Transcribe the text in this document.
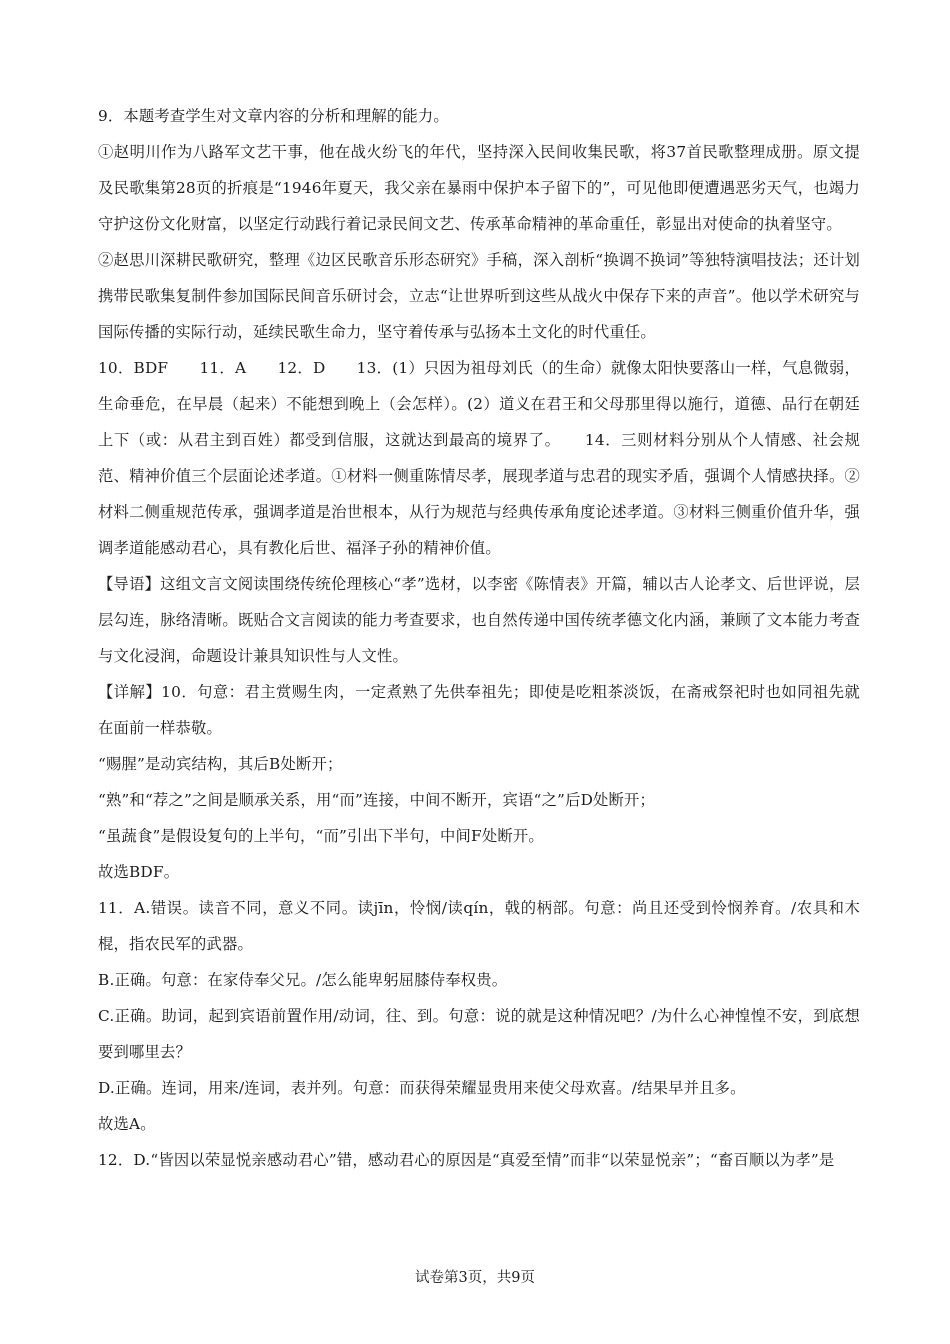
9．本题考查学生对文章内容的分析和理解的能力。

①赵明川作为八路军文艺干事，他在战火纷飞的年代，坚持深入民间收集民歌，将37首民歌整理成册。原文提及民歌集第28页的折痕是“1946年夏天，我父亲在暴雨中保护本子留下的”，可见他即便遭遇恶劣天气，也竭力守护这份文化财富，以坚定行动践行着记录民间文艺、传承革命精神的革命重任，彰显出对使命的执着坚守。

②赵思川深耕民歌研究，整理《边区民歌音乐形态研究》手稿，深入剖析“换调不换词”等独特演唱技法；还计划携带民歌集复制件参加国际民间音乐研讨会，立志“让世界听到这些从战火中保存下来的声音”。他以学术研究与国际传播的实际行动，延续民歌生命力，坚守着传承与弘扬本土文化的时代重任。

10．BDF　　11．A　　12．D　　13．(1）只因为祖母刘氏（的生命）就像太阳快要落山一样，气息微弱，生命垂危，在早晨（起来）不能想到晚上（会怎样）。(2）道义在君王和父母那里得以施行，道德、品行在朝廷上下（或：从君主到百姓）都受到信服，这就达到最高的境界了。　　14．三则材料分别从个人情感、社会规范、精神价值三个层面论述孝道。①材料一侧重陈情尽孝，展现孝道与忠君的现实矛盾，强调个人情感抉择。②材料二侧重规范传承，强调孝道是治世根本，从行为规范与经典传承角度论述孝道。③材料三侧重价值升华，强调孝道能感动君心，具有教化后世、福泽子孙的精神价值。

【导语】这组文言文阅读围绕传统伦理核心“孝”选材，以李密《陈情表》开篇，辅以古人论孝文、后世评说，层层勾连，脉络清晰。既贴合文言阅读的能力考查要求，也自然传递中国传统孝德文化内涵，兼顾了文本能力考查与文化浸润，命题设计兼具知识性与人文性。

【详解】10．句意：君主赏赐生肉，一定煮熟了先供奉祖先；即使是吃粗茶淡饭，在斋戒祭祀时也如同祖先就在面前一样恭敬。

“赐腥”是动宾结构，其后B处断开；

“熟”和“荐之”之间是顺承关系，用“而”连接，中间不断开，宾语“之”后D处断开；

“虽蔬食”是假设复句的上半句，“而”引出下半句，中间F处断开。

故选BDF。

11．A.错误。读音不同，意义不同。读jīn，怜悯/读qín，戟的柄部。句意：尚且还受到怜悯养育。/农具和木棍，指农民军的武器。

B.正确。句意：在家侍奉父兄。/怎么能卑躬屈膝侍奉权贵。

C.正确。助词，起到宾语前置作用/动词，往、到。句意：说的就是这种情况吧？/为什么心神惶惶不安，到底想要到哪里去？

D.正确。连词，用来/连词，表并列。句意：而获得荣耀显贵用来使父母欢喜。/结果早并且多。

故选A。

12．D.“皆因以荣显悦亲感动君心”错，感动君心的原因是“真爱至情”而非“以荣显悦亲”；“畜百顺以为孝”是

试卷第3页，共9页
